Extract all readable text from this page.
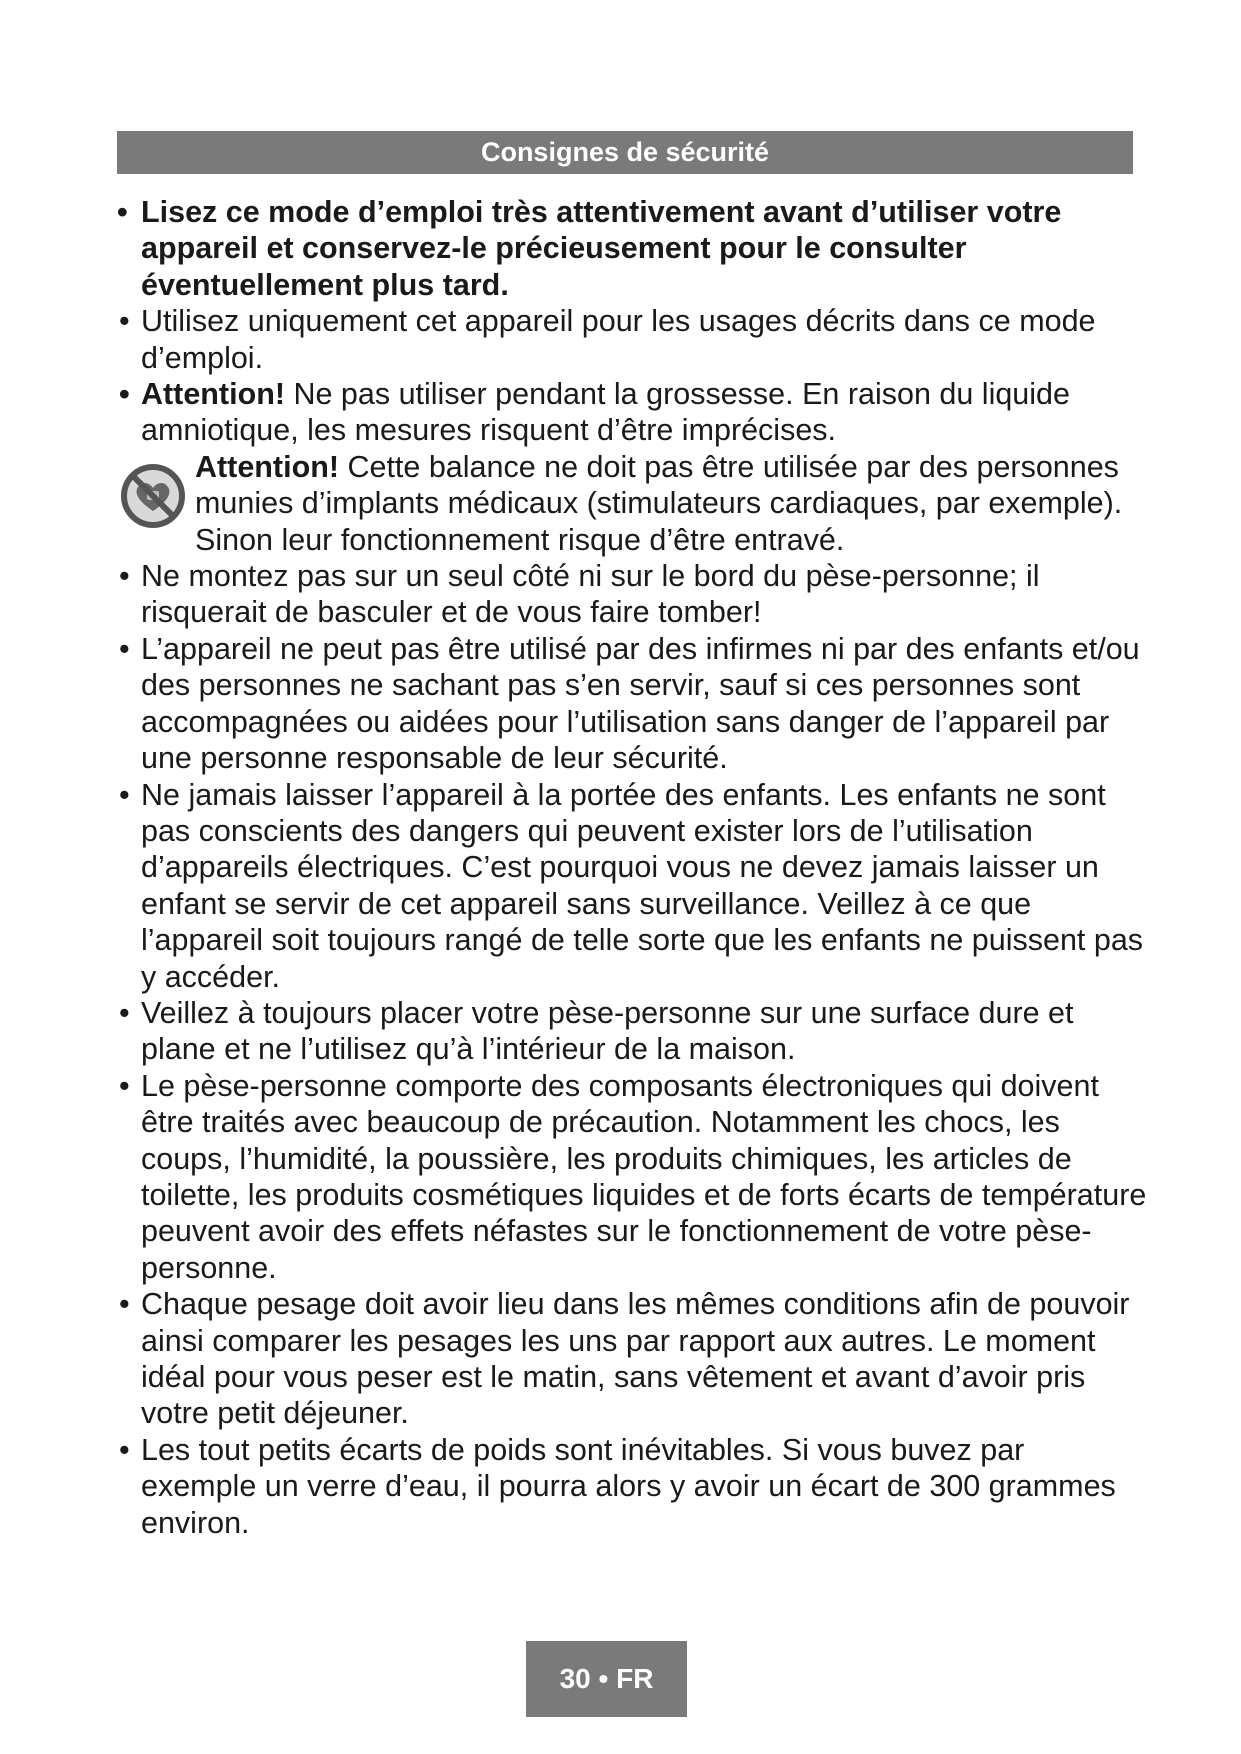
Consignes de sécurité
• Lisez ce mode d’emploi très attentivement avant d’utiliser votre appareil et conservez-le précieusement pour le consulter éventuellement plus tard.
• Utilisez uniquement cet appareil pour les usages décrits dans ce mode d’emploi.
• Attention! Ne pas utiliser pendant la grossesse. En raison du liquide amniotique, les mesures risquent d’être imprécises.
Attention! Cette balance ne doit pas être utilisée par des personnes munies d’implants médicaux (stimulateurs cardiaques, par exemple). Sinon leur fonctionnement risque d’être entravé.
• Ne montez pas sur un seul côté ni sur le bord du pèse-personne; il risquerait de basculer et de vous faire tomber!
• L’appareil ne peut pas être utilisé par des infirmes ni par des enfants et/ou des personnes ne sachant pas s’en servir, sauf si ces personnes sont accompagnées ou aidées pour l’utilisation sans danger de l’appareil par une personne responsable de leur sécurité.
• Ne jamais laisser l’appareil à la portée des enfants. Les enfants ne sont pas conscients des dangers qui peuvent exister lors de l’utilisation d’appareils électriques. C’est pourquoi vous ne devez jamais laisser un enfant se servir de cet appareil sans surveillance. Veillez à ce que l’appareil soit toujours rangé de telle sorte que les enfants ne puissent pas y accéder.
• Veillez à toujours placer votre pèse-personne sur une surface dure et plane et ne l’utilisez qu’à l’intérieur de la maison.
• Le pèse-personne comporte des composants électroniques qui doivent être traités avec beaucoup de précaution. Notamment les chocs, les coups, l’humidité, la poussière, les produits chimiques, les articles de toilette, les produits cosmétiques liquides et de forts écarts de température peuvent avoir des effets néfastes sur le fonctionnement de votre pèse-personne.
• Chaque pesage doit avoir lieu dans les mêmes conditions afin de pouvoir ainsi comparer les pesages les uns par rapport aux autres. Le moment idéal pour vous peser est le matin, sans vêtement et avant d’avoir pris votre petit déjeuner.
• Les tout petits écarts de poids sont inévitables. Si vous buvez par exemple un verre d’eau, il pourra alors y avoir un écart de 300 grammes environ.
30 • FR
